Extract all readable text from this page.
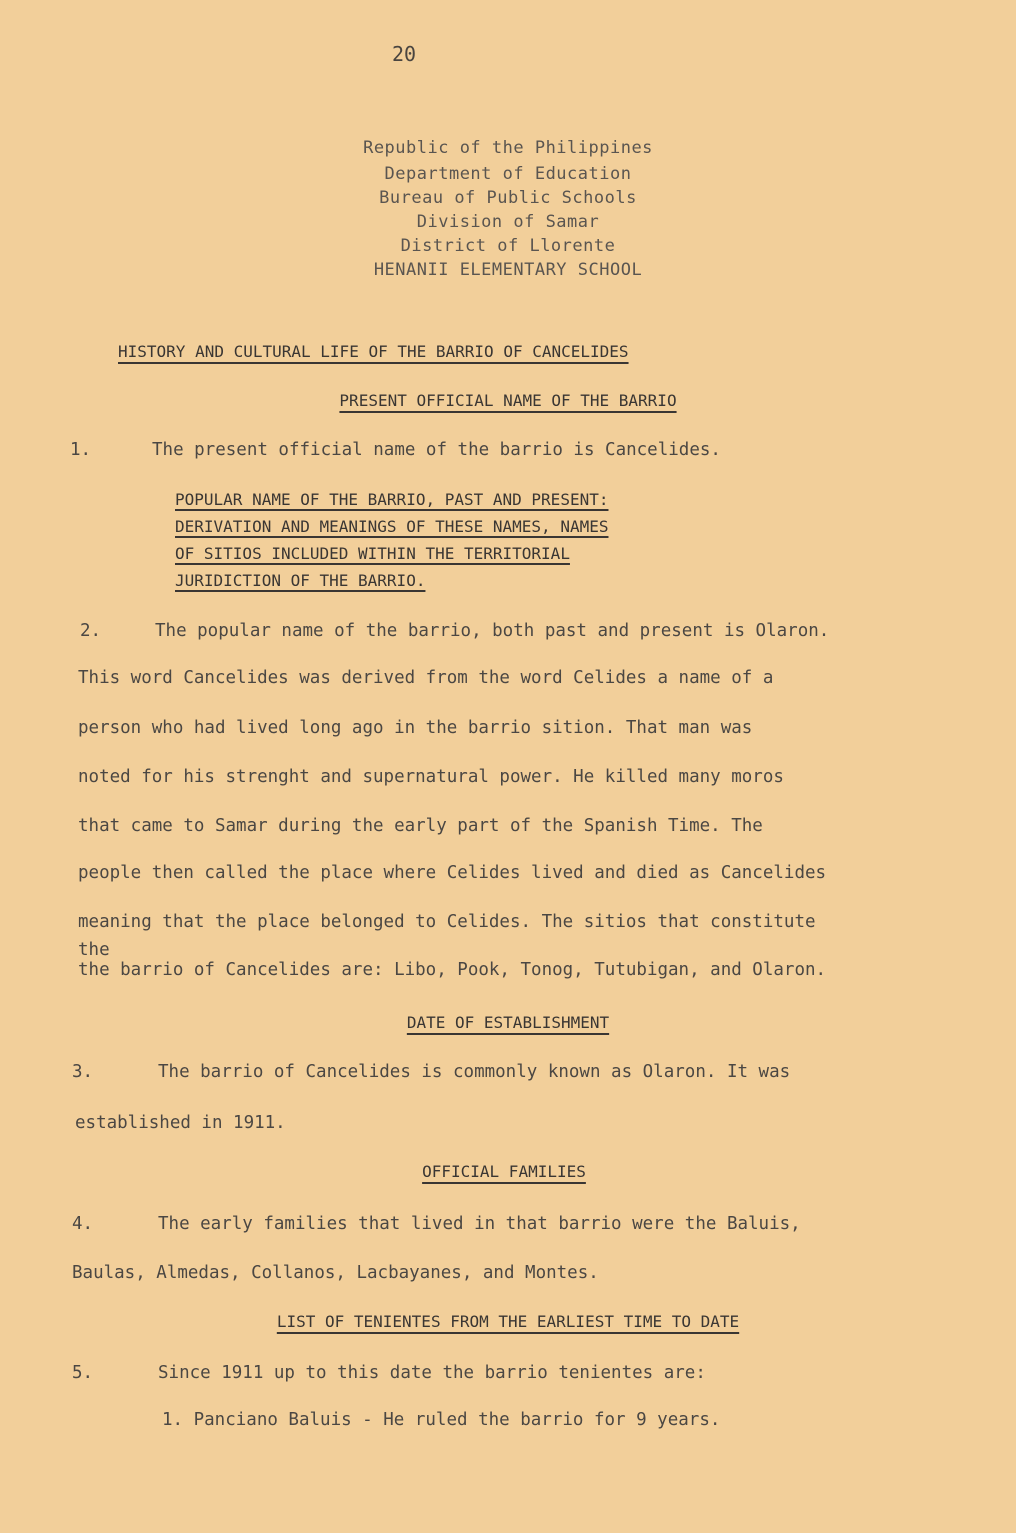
20
Republic of the Philippines
Department of Education
Bureau of Public Schools
Division of Samar
District of Llorente
HENANII ELEMENTARY SCHOOL
HISTORY AND CULTURAL LIFE OF THE BARRIO OF CANCELIDES
PRESENT OFFICIAL NAME OF THE BARRIO
1.	The present official name of the barrio is Cancelides.
POPULAR NAME OF THE BARRIO, PAST AND PRESENT:
DERIVATION AND MEANINGS OF THESE NAMES, NAMES
OF SITIOS INCLUDED WITHIN THE TERRITORIAL
JURIDICTION OF THE BARRIO.
2.	The popular name of the barrio, both past and present is Olaron.
This word Cancelides was derived from the word Celides a name of a
person who had lived long ago in the barrio sition. That man was
noted for his strenght and supernatural power. He killed many moros
that came to Samar during the early part of the Spanish Time. The
people then called the place where Celides lived and died as Cancelides
meaning that the place belonged to Celides. The sitios that constitute
the
the barrio of Cancelides are: Libo, Pook, Tonog, Tutubigan, and Olaron.
DATE OF ESTABLISHMENT
3.	The barrio of Cancelides is commonly known as Olaron. It was
established in 1911.
OFFICIAL FAMILIES
4.	The early families that lived in that barrio were the Baluis,
Baulas, Almedas, Collanos, Lacbayanes, and Montes.
LIST OF TENIENTES FROM THE EARLIEST TIME TO DATE
5.	Since 1911 up to this date the barrio tenientes are:
1. Panciano Baluis - He ruled the barrio for 9 years.
